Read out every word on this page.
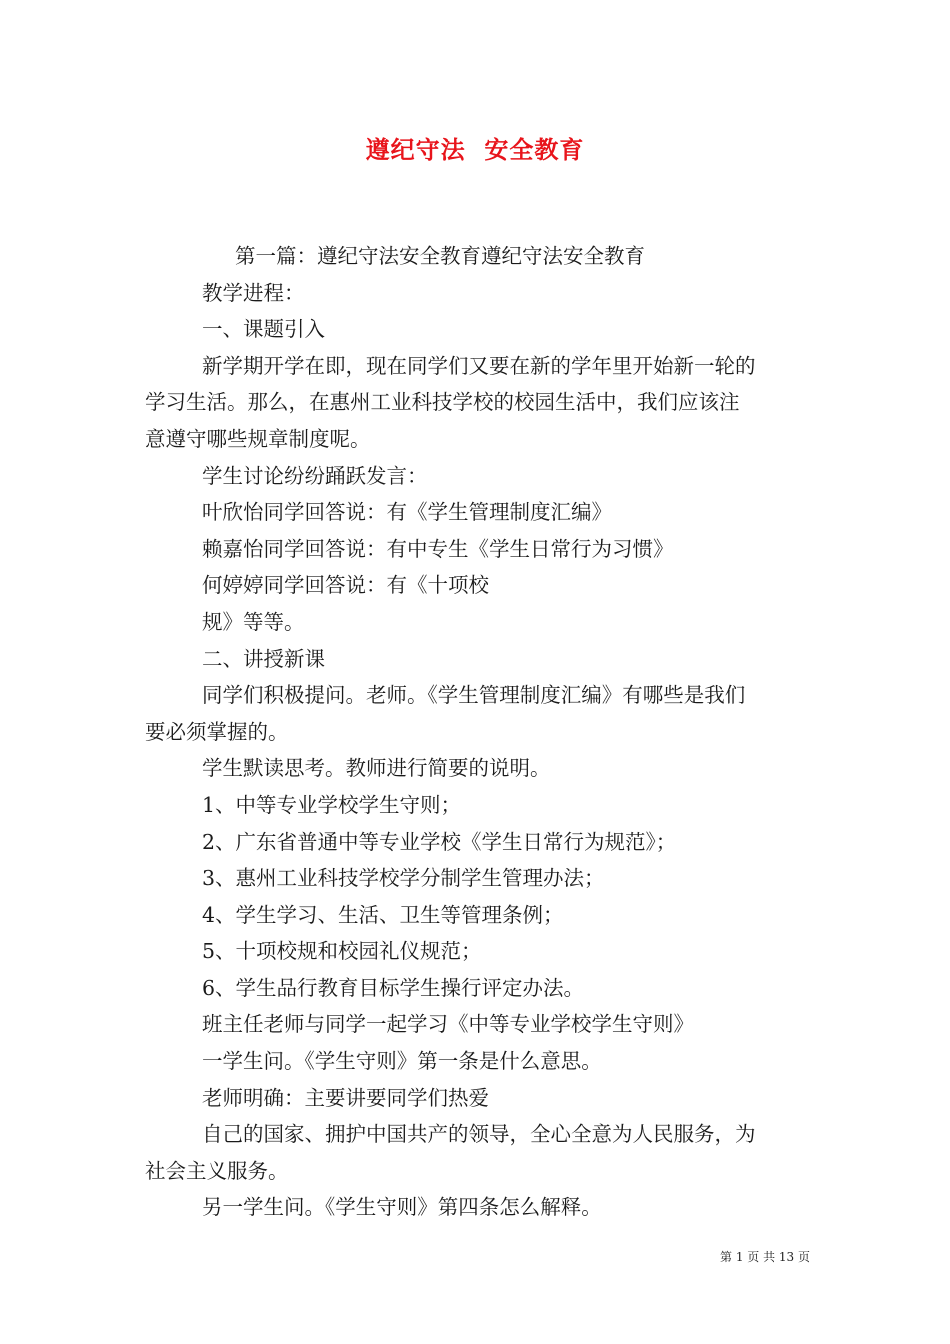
遵纪守法  安全教育
第一篇：遵纪守法安全教育遵纪守法安全教育
教学进程：
一、课题引入
新学期开学在即，现在同学们又要在新的学年里开始新一轮的
学习生活。那么，在惠州工业科技学校的校园生活中，我们应该注
意遵守哪些规章制度呢。
学生讨论纷纷踊跃发言：
叶欣怡同学回答说：有《学生管理制度汇编》
赖嘉怡同学回答说：有中专生《学生日常行为习惯》
何婷婷同学回答说：有《十项校
规》等等。
二、讲授新课
同学们积极提问。老师。《学生管理制度汇编》有哪些是我们
要必须掌握的。
学生默读思考。教师进行简要的说明。
1、中等专业学校学生守则；
2、广东省普通中等专业学校《学生日常行为规范》；
3、惠州工业科技学校学分制学生管理办法；
4、学生学习、生活、卫生等管理条例；
5、十项校规和校园礼仪规范；
6、学生品行教育目标学生操行评定办法。
班主任老师与同学一起学习《中等专业学校学生守则》
一学生问。《学生守则》第一条是什么意思。
老师明确：主要讲要同学们热爱
自己的国家、拥护中国共产的领导，全心全意为人民服务，为
社会主义服务。
另一学生问。《学生守则》第四条怎么解释。
第 1 页 共 13 页
